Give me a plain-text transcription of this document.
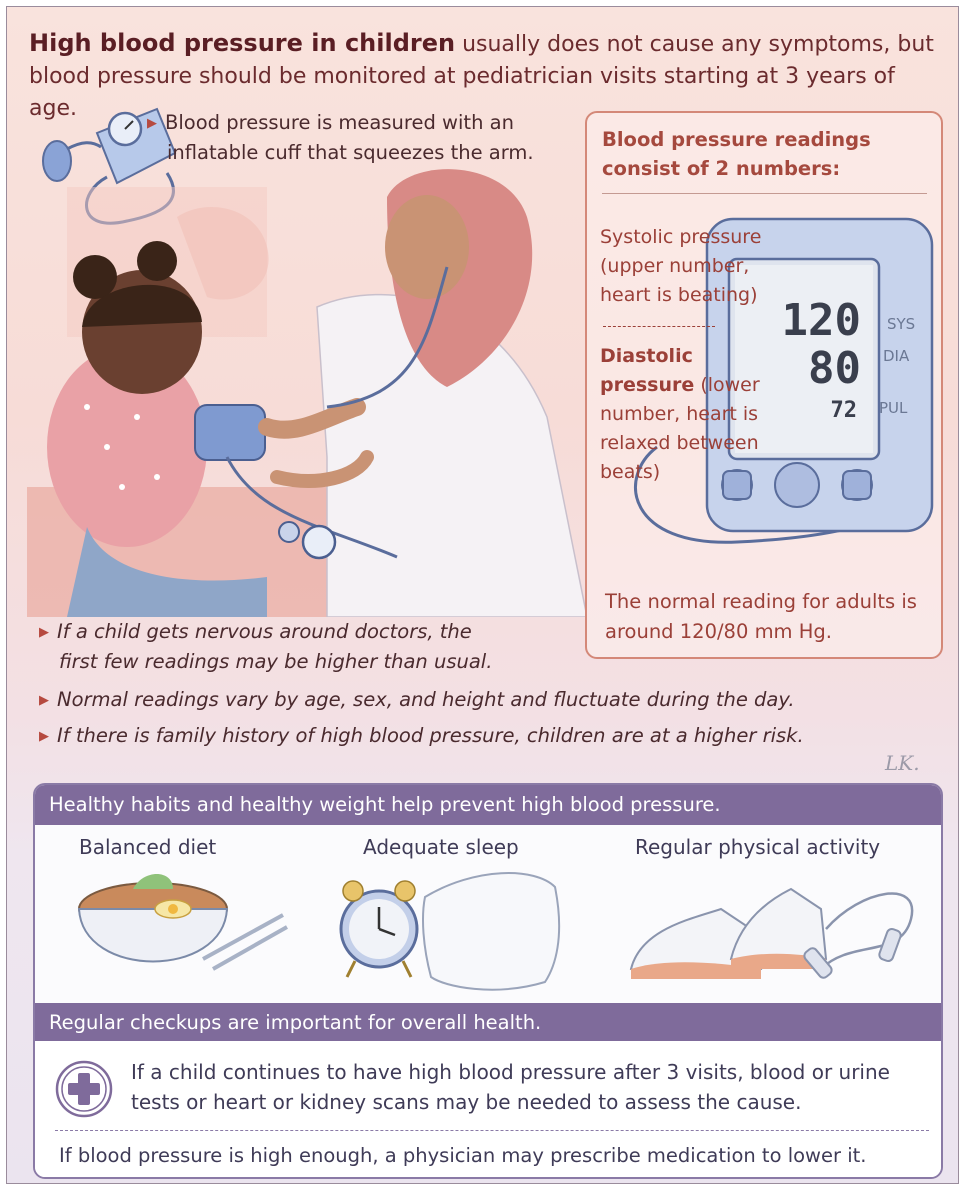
High blood pressure in children usually does not cause any symptoms, but blood pressure should be monitored at pediatrician visits starting at 3 years of age.
▶ Blood pressure is measured with an
inflatable cuff that squeezes the arm.
Blood pressure readings consist of 2 numbers:
120
80
72
SYS
DIA
PUL
Systolic pressure (upper number, heart is beating)
Diastolic pressure (lower number, heart is relaxed between beats)
The normal reading for adults is around 120/80 mm Hg.
▶ If a child gets nervous around doctors, the
first few readings may be higher than usual.
▶ Normal readings vary by age, sex, and height and fluctuate during the day.
▶ If there is family history of high blood pressure, children are at a higher risk.
LK.
Healthy habits and healthy weight help prevent high blood pressure.
Balanced diet	Adequate sleep	Regular physical activity
Regular checkups are important for overall health.
If a child continues to have high blood pressure after 3 visits, blood or urine tests or heart or kidney scans may be needed to assess the cause.
If blood pressure is high enough, a physician may prescribe medication to lower it.
